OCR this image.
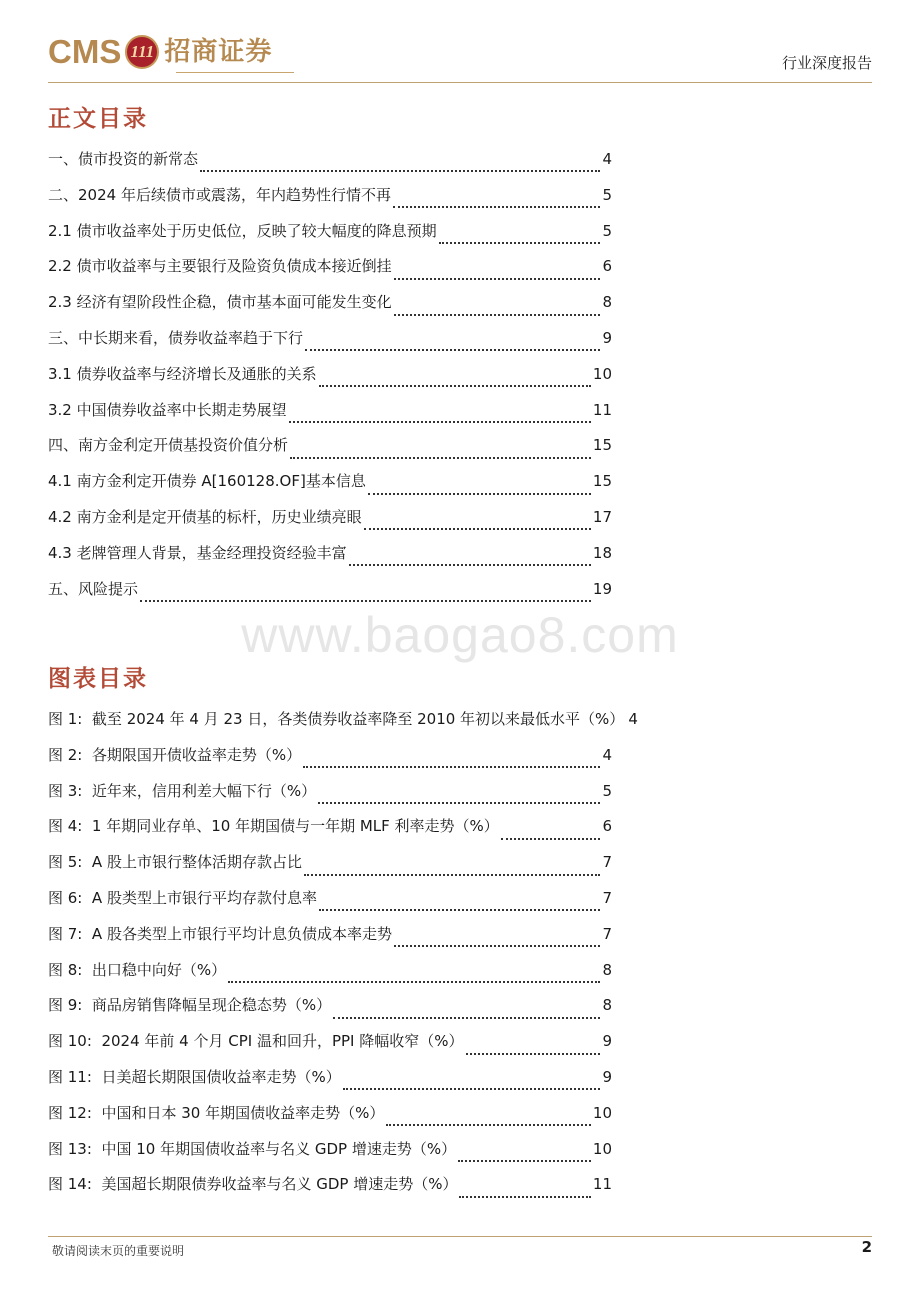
CMS 111 招商证券	行业深度报告
正文目录
一、债市投资的新常态	4
二、2024 年后续债市或震荡，年内趋势性行情不再	5
2.1 债市收益率处于历史低位，反映了较大幅度的降息预期	5
2.2 债市收益率与主要银行及险资负债成本接近倒挂	6
2.3 经济有望阶段性企稳，债市基本面可能发生变化	8
三、中长期来看，债券收益率趋于下行	9
3.1 债券收益率与经济增长及通胀的关系	10
3.2 中国债券收益率中长期走势展望	11
四、南方金利定开债基投资价值分析	15
4.1 南方金利定开债券 A[160128.OF]基本信息	15
4.2 南方金利是定开债基的标杆，历史业绩亮眼	17
4.3 老牌管理人背景，基金经理投资经验丰富	18
五、风险提示	19
www.baogao8.com
图表目录
图 1: 截至 2024 年 4 月 23 日，各类债券收益率降至 2010 年初以来最低水平（%） 4
图 2: 各期限国开债收益率走势（%）	4
图 3: 近年来，信用利差大幅下行（%）	5
图 4: 1 年期同业存单、10 年期国债与一年期 MLF 利率走势（%）	6
图 5: A 股上市银行整体活期存款占比	7
图 6: A 股类型上市银行平均存款付息率	7
图 7: A 股各类型上市银行平均计息负债成本率走势	7
图 8: 出口稳中向好（%）	8
图 9: 商品房销售降幅呈现企稳态势（%）	8
图 10: 2024 年前 4 个月 CPI 温和回升，PPI 降幅收窄（%）	9
图 11: 日美超长期限国债收益率走势（%）	9
图 12: 中国和日本 30 年期国债收益率走势（%）	10
图 13: 中国 10 年期国债收益率与名义 GDP 增速走势（%）	10
图 14: 美国超长期限债券收益率与名义 GDP 增速走势（%）	11
敬请阅读末页的重要说明	2
